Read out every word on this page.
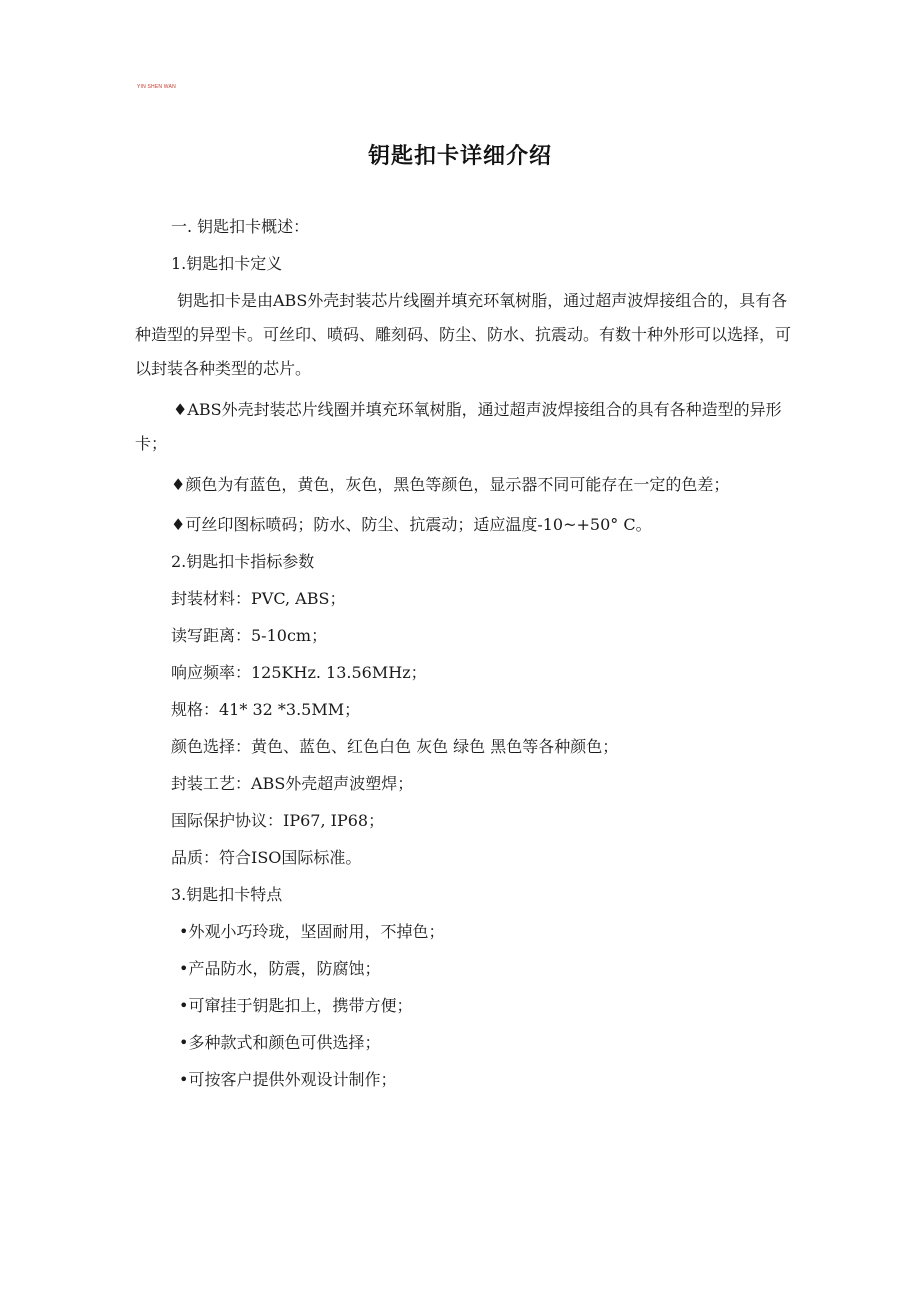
YIN SHEN WAN
钥匙扣卡详细介绍
一. 钥匙扣卡概述：
1.钥匙扣卡定义
钥匙扣卡是由ABS外壳封装芯片线圈并填充环氧树脂，通过超声波焊接组合的，具有各种造型的异型卡。可丝印、喷码、雕刻码、防尘、防水、抗震动。有数十种外形可以选择，可以封装各种类型的芯片。
♦ABS外壳封装芯片线圈并填充环氧树脂，通过超声波焊接组合的具有各种造型的异形卡；
♦颜色为有蓝色，黄色，灰色，黑色等颜色，显示器不同可能存在一定的色差；
♦可丝印图标喷码；防水、防尘、抗震动；适应温度-10~+50° C。
2.钥匙扣卡指标参数
封装材料：PVC, ABS；
读写距离：5-10cm；
响应频率：125KHz. 13.56MHz；
规格：41* 32 *3.5MM；
颜色选择：黄色、蓝色、红色白色 灰色 绿色 黑色等各种颜色；
封装工艺：ABS外壳超声波塑焊；
国际保护协议：IP67, IP68；
品质：符合ISO国际标准。
3.钥匙扣卡特点
•外观小巧玲珑，坚固耐用，不掉色；
•产品防水，防震，防腐蚀；
•可窜挂于钥匙扣上，携带方便；
•多种款式和颜色可供选择；
•可按客户提供外观设计制作；
